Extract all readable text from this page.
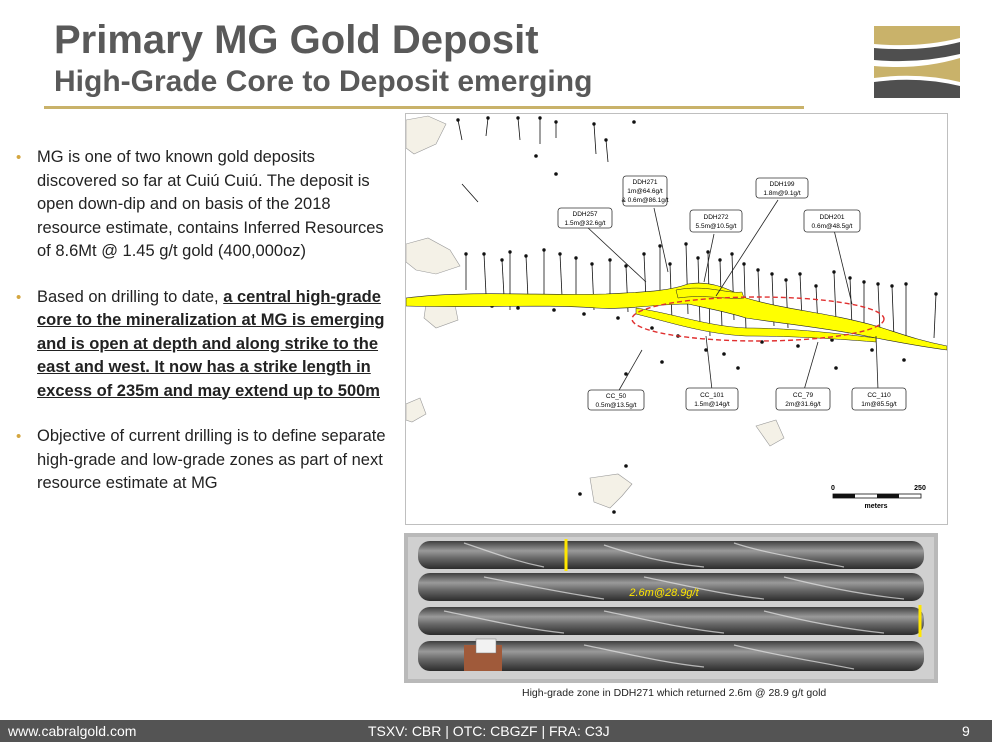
Primary MG Gold Deposit
High-Grade Core to Deposit emerging
• MG is one of two known gold deposits discovered so far at Cuiú Cuiú. The deposit is open down-dip and on basis of the 2018 resource estimate, contains Inferred Resources of 8.6Mt @ 1.45 g/t gold (400,000oz)
• Based on drilling to date, a central high-grade core to the mineralization at MG is emerging and is open at depth and along strike to the east and west. It now has a strike length in excess of 235m and may extend up to 500m
• Objective of current drilling is to define separate high-grade and low-grade zones as part of next resource estimate at MG
DDH271
1m@64.6g/t
& 0.6m@86.1g/t
DDH199
1.8m@9.1g/t
DDH257
1.5m@32.6g/t
DDH272
5.5m@10.5g/t
DDH201
0.6m@48.5g/t
CC_50
0.5m@13.5g/t
CC_101
1.5m@14g/t
CC_79
2m@31.6g/t
CC_110
1m@85.5g/t
0	250
meters
2.6m@28.9g/t
High-grade zone in DDH271 which returned 2.6m @ 28.9 g/t gold
www.cabralgold.com	TSXV: CBR | OTC: CBGZF | FRA: C3J	9
